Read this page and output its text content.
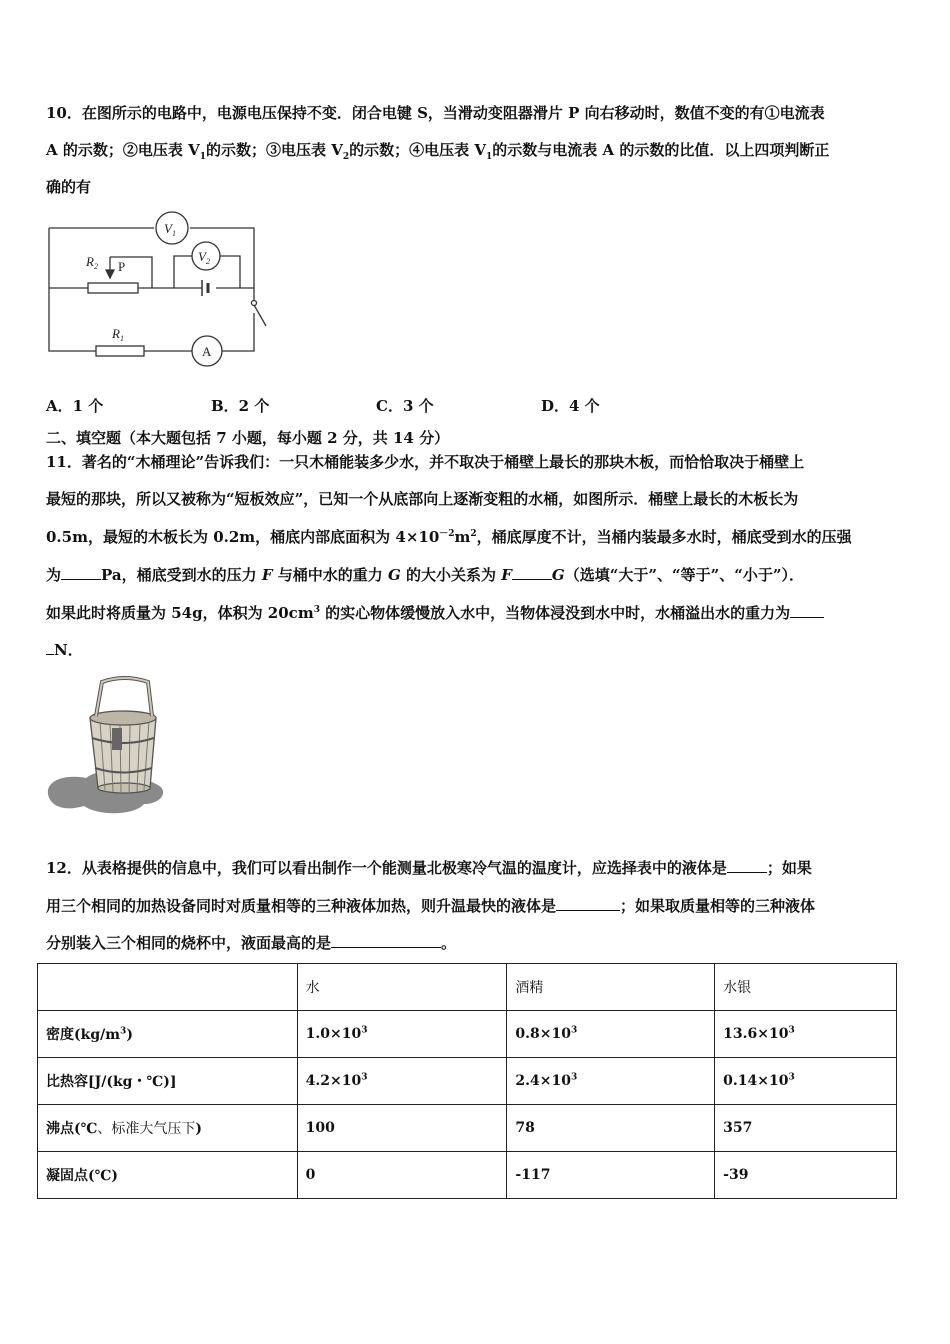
10．在图所示的电路中，电源电压保持不变．闭合电键 S，当滑动变阻器滑片 P 向右移动时，数值不变的有①电流表
A 的示数；②电压表 $V_1$的示数；③电压表 $V_2$的示数；④电压表 $V_1$的示数与电流表 A 的示数的比值．以上四项判断正
确的有
$V_1$
$V_2$
A
$R_2$ P
$R_1$
A．1 个	B．2 个	C．3 个	D．4 个
二、填空题（本大题包括 7 小题，每小题 2 分，共 14 分）
11．著名的“木桶理论”告诉我们：一只木桶能装多少水，并不取决于桶壁上最长的那块木板，而恰恰取决于桶壁上
最短的那块，所以又被称为“短板效应”，已知一个从底部向上逐渐变粗的水桶，如图所示．桶壁上最长的木板长为
0.5m，最短的木板长为 0.2m，桶底内部底面积为 $4\times 10^{-2}m^2$，桶底厚度不计，当桶内装最多水时，桶底受到水的压强
为	Pa，桶底受到水的压力 F 与桶中水的重力 G 的大小关系为 F	G（选填“大于”、“等于”、“小于”）．
如果此时将质量为 54g，体积为 $20cm^3$ 的实心物体缓慢放入水中，当物体浸没到水中时，水桶溢出水的重力为
N．
12．从表格提供的信息中，我们可以看出制作一个能测量北极寒冷气温的温度计，应选择表中的液体是	；如果
用三个相同的加热设备同时对质量相等的三种液体加热，则升温最快的液体是	；如果取质量相等的三种液体
分别装入三个相同的烧杯中，液面最高的是	。
	水	酒精	水银
密度$(kg/m^3)$	$1.0\times 10^3$	$0.8\times 10^3$	$13.6\times 10^3$
比热容[J/(kg・℃)]	$4.2\times 10^3$	$2.4\times 10^3$	$0.14\times 10^3$
沸点(℃、标准大气压下)	100	78	357
凝固点(℃)	0	-117	-39
